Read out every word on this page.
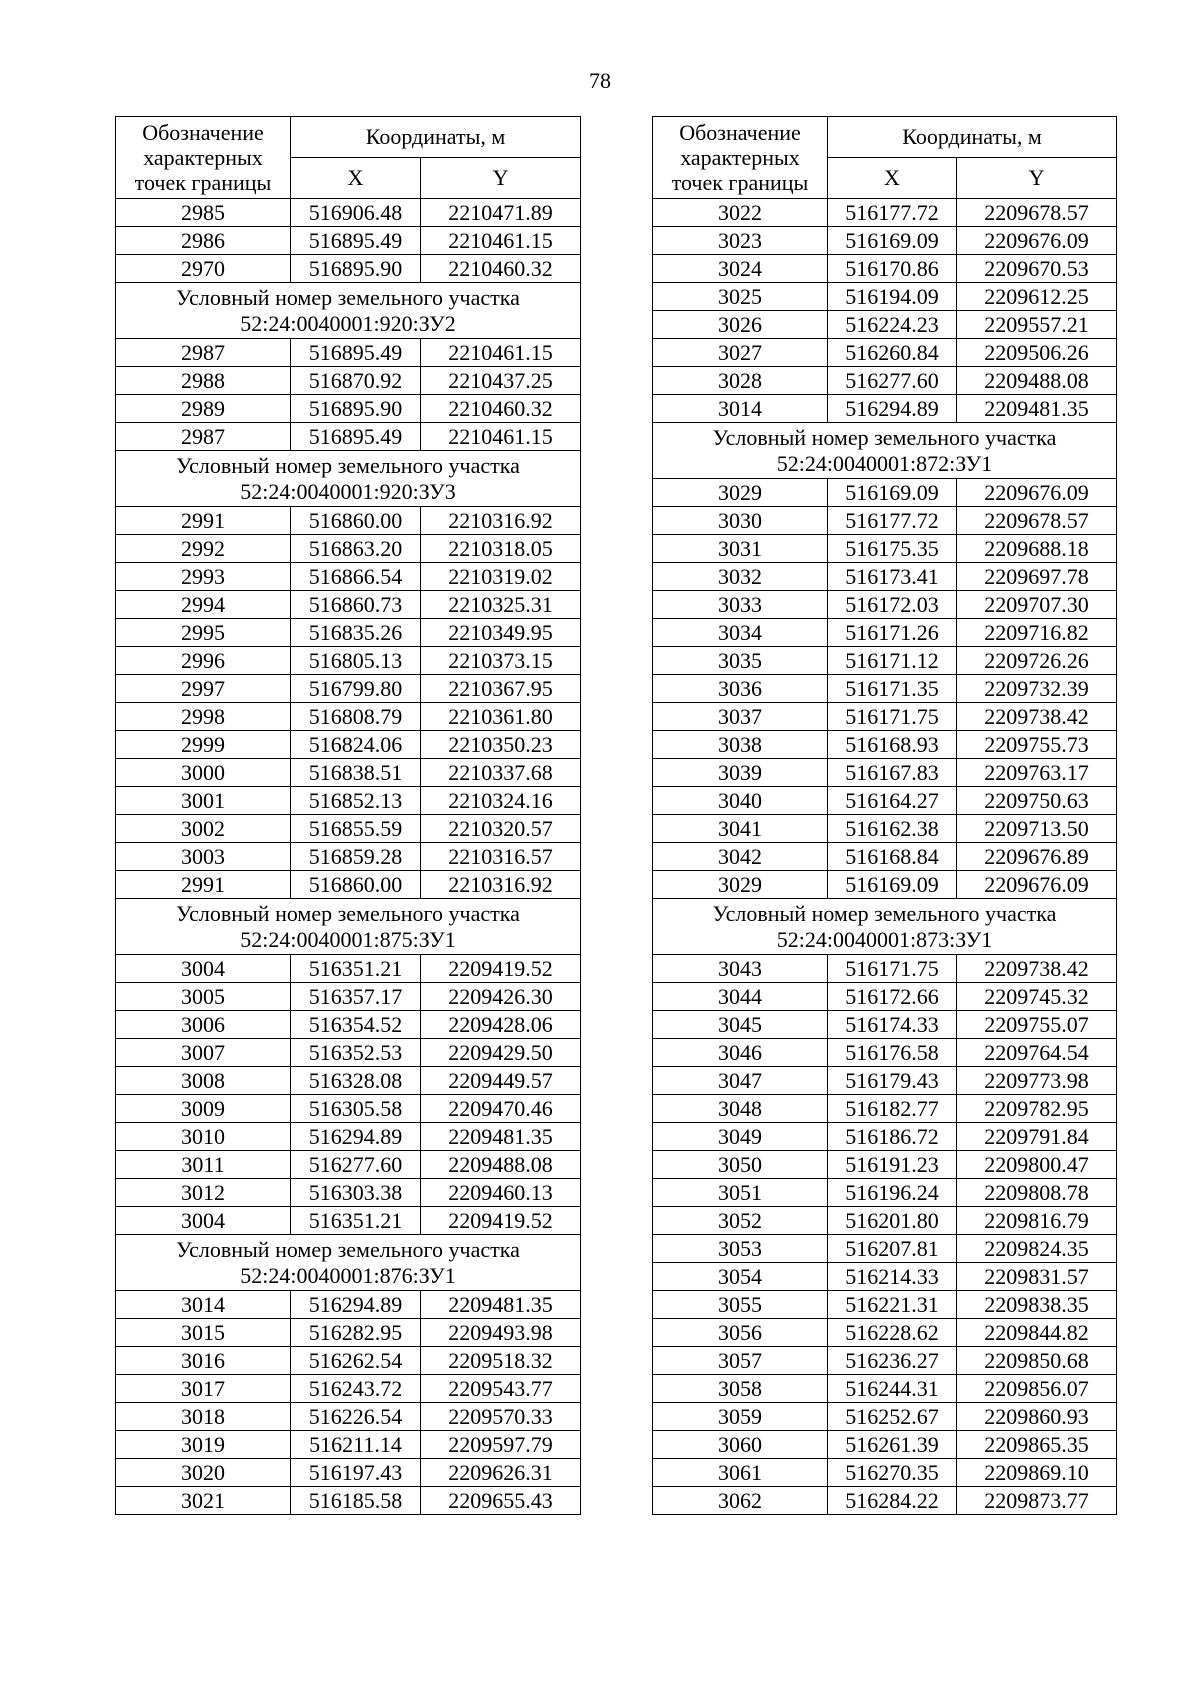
78
Обозначение характерных точек границы	Координаты, м	
	X	Y
2985	516906.48	2210471.89
2986	516895.49	2210461.15
2970	516895.90	2210460.32

Условный номер земельного участка
52:24:0040001:920:ЗУ2		

2987	516895.49	2210461.15
2988	516870.92	2210437.25
2989	516895.90	2210460.32
2987	516895.49	2210461.15

Условный номер земельного участка
52:24:0040001:920:ЗУ3		

2991	516860.00	2210316.92
2992	516863.20	2210318.05
2993	516866.54	2210319.02
2994	516860.73	2210325.31
2995	516835.26	2210349.95
2996	516805.13	2210373.15
2997	516799.80	2210367.95
2998	516808.79	2210361.80
2999	516824.06	2210350.23
3000	516838.51	2210337.68
3001	516852.13	2210324.16
3002	516855.59	2210320.57
3003	516859.28	2210316.57
2991	516860.00	2210316.92

Условный номер земельного участка
52:24:0040001:875:ЗУ1		

3004	516351.21	2209419.52
3005	516357.17	2209426.30
3006	516354.52	2209428.06
3007	516352.53	2209429.50
3008	516328.08	2209449.57
3009	516305.58	2209470.46
3010	516294.89	2209481.35
3011	516277.60	2209488.08
3012	516303.38	2209460.13
3004	516351.21	2209419.52

Условный номер земельного участка
52:24:0040001:876:ЗУ1		

3014	516294.89	2209481.35
3015	516282.95	2209493.98
3016	516262.54	2209518.32
3017	516243.72	2209543.77
3018	516226.54	2209570.33
3019	516211.14	2209597.79
3020	516197.43	2209626.31
3021	516185.58	2209655.43
Обозначение характерных точек границы	Координаты, м	
	X	Y
3022	516177.72	2209678.57
3023	516169.09	2209676.09
3024	516170.86	2209670.53
3025	516194.09	2209612.25
3026	516224.23	2209557.21
3027	516260.84	2209506.26
3028	516277.60	2209488.08
3014	516294.89	2209481.35

Условный номер земельного участка
52:24:0040001:872:ЗУ1		

3029	516169.09	2209676.09
3030	516177.72	2209678.57
3031	516175.35	2209688.18
3032	516173.41	2209697.78
3033	516172.03	2209707.30
3034	516171.26	2209716.82
3035	516171.12	2209726.26
3036	516171.35	2209732.39
3037	516171.75	2209738.42
3038	516168.93	2209755.73
3039	516167.83	2209763.17
3040	516164.27	2209750.63
3041	516162.38	2209713.50
3042	516168.84	2209676.89
3029	516169.09	2209676.09

Условный номер земельного участка
52:24:0040001:873:ЗУ1		

3043	516171.75	2209738.42
3044	516172.66	2209745.32
3045	516174.33	2209755.07
3046	516176.58	2209764.54
3047	516179.43	2209773.98
3048	516182.77	2209782.95
3049	516186.72	2209791.84
3050	516191.23	2209800.47
3051	516196.24	2209808.78
3052	516201.80	2209816.79
3053	516207.81	2209824.35
3054	516214.33	2209831.57
3055	516221.31	2209838.35
3056	516228.62	2209844.82
3057	516236.27	2209850.68
3058	516244.31	2209856.07
3059	516252.67	2209860.93
3060	516261.39	2209865.35
3061	516270.35	2209869.10
3062	516284.22	2209873.77
